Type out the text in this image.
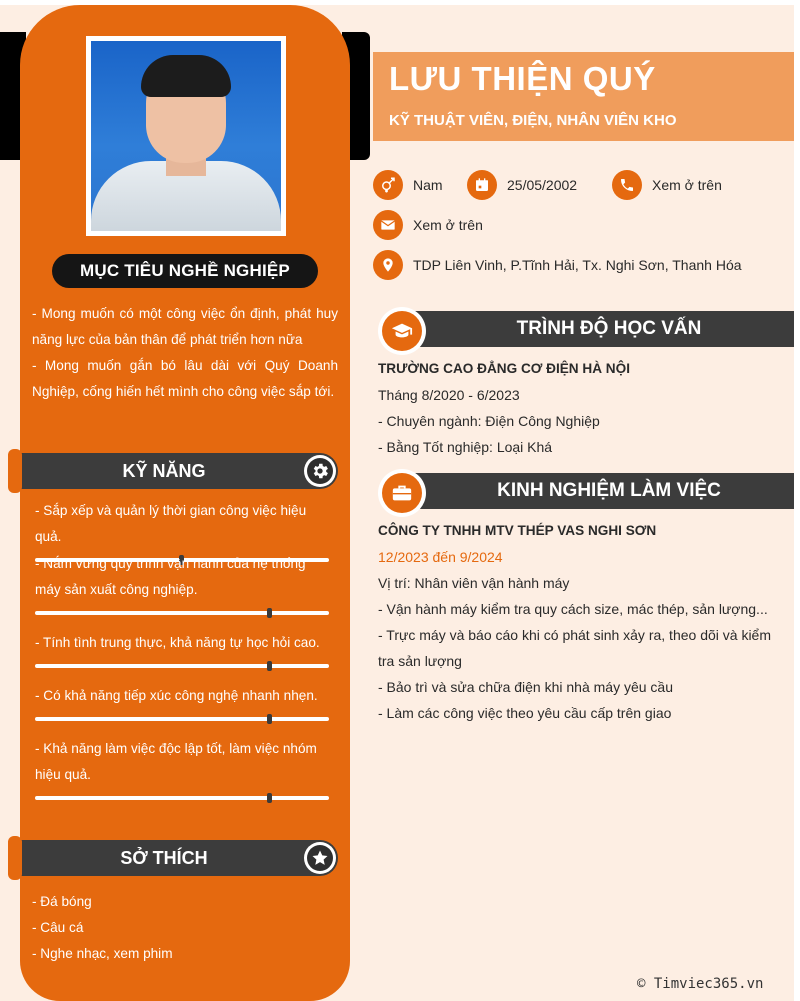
MỤC TIÊU NGHỀ NGHIỆP
- Mong muốn có một công việc ổn định, phát huy năng lực của bản thân để phát triển hơn nữa
- Mong muốn gắn bó lâu dài với Quý Doanh Nghiệp, cống hiến hết mình cho công việc sắp tới.
KỸ NĂNG
- Sắp xếp và quản lý thời gian công việc hiệu quả.
- Nắm vững quy trình vận hành của hệ thống máy sản xuất công nghiệp.
- Tính tình trung thực, khả năng tự học hỏi cao.
- Có khả năng tiếp xúc công nghệ nhanh nhẹn.
- Khả năng làm việc độc lập tốt, làm việc nhóm hiệu quả.
SỞ THÍCH
- Đá bóng
- Câu cá
- Nghe nhạc, xem phim
LƯU THIỆN QUÝ
KỸ THUẬT VIÊN, ĐIỆN, NHÂN VIÊN KHO
Nam	25/05/2002	Xem ở trên
Xem ở trên
TDP Liên Vinh, P.Tĩnh Hải, Tx. Nghi Sơn, Thanh Hóa
TRÌNH ĐỘ HỌC VẤN
TRƯỜNG CAO ĐẲNG CƠ ĐIỆN HÀ NỘI
Tháng 8/2020 - 6/2023
- Chuyên ngành: Điện Công Nghiệp
- Bằng Tốt nghiệp: Loại Khá
KINH NGHIỆM LÀM VIỆC
CÔNG TY TNHH MTV THÉP VAS NGHI SƠN
12/2023 đến 9/2024
Vị trí: Nhân viên vận hành máy
- Vận hành máy kiểm tra quy cách size, mác thép, sản lượng...
- Trực máy và báo cáo khi có phát sinh xảy ra, theo dõi và kiểm tra sản lượng
- Bảo trì và sửa chữa điện khi nhà máy yêu cầu
- Làm các công việc theo yêu cầu cấp trên giao
© Timviec365.vn
